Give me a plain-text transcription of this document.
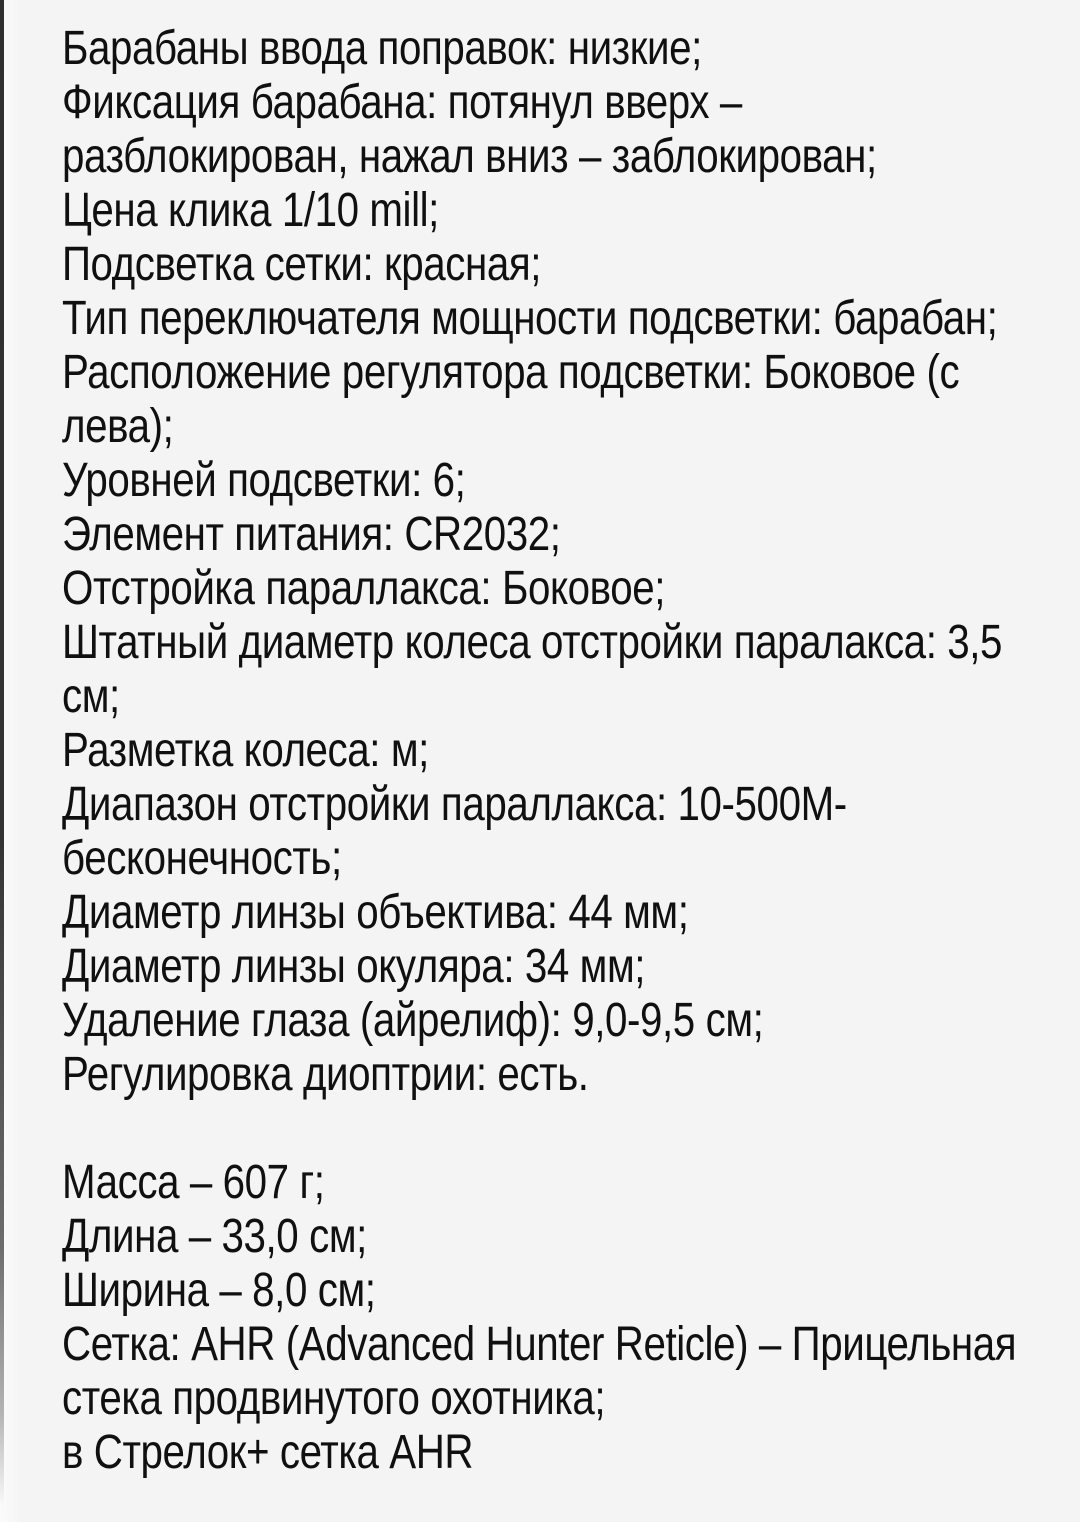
Барабаны ввода поправок: низкие;
Фиксация барабана: потянул вверх –
разблокирован, нажал вниз – заблокирован;
Цена клика 1/10 mill;
Подсветка сетки: красная;
Тип переключателя мощности подсветки: барабан;
Расположение регулятора подсветки: Боковое (с
лева);
Уровней подсветки: 6;
Элемент питания: CR2032;
Отстройка параллакса: Боковое;
Штатный диаметр колеса отстройки паралакса: 3,5
см;
Разметка колеса: м;
Диапазон отстройки параллакса: 10-500М-
бесконечность;
Диаметр линзы объектива: 44 мм;
Диаметр линзы окуляра: 34 мм;
Удаление глаза (айрелиф): 9,0-9,5 см;
Регулировка диоптрии: есть.
Масса – 607 г;
Длина – 33,0 см;
Ширина – 8,0 см;
Сетка: AHR (Advanced Hunter Reticle) – Прицельная
стека продвинутого охотника;
в Стрелок+ сетка AHR
